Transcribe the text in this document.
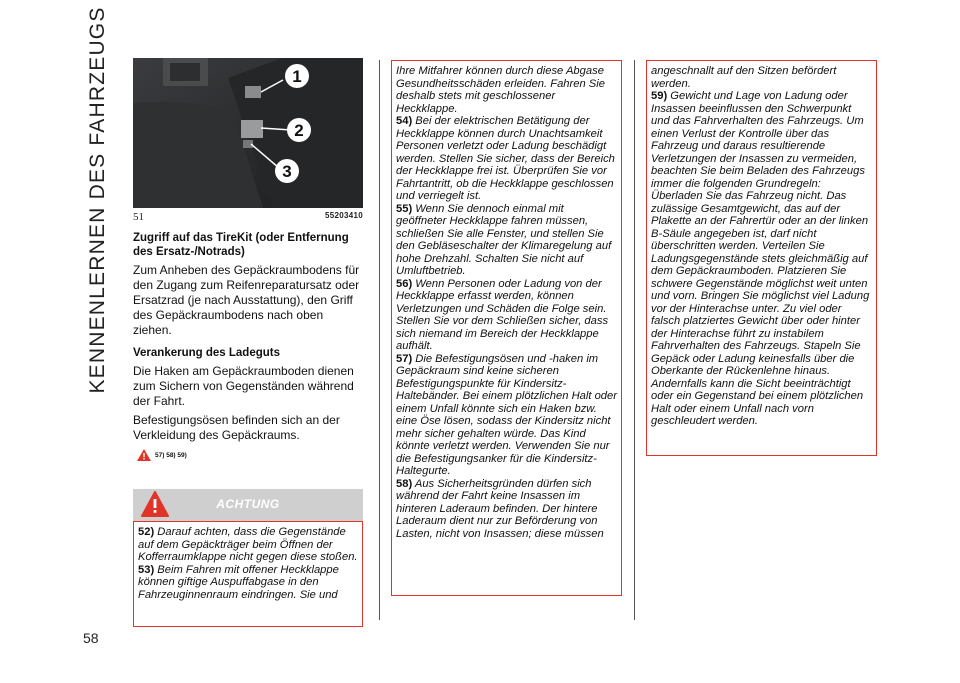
KENNENLERNEN DES FAHRZEUGS
58
1
2
3
51	55203410
Zugriff auf das TireKit (oder Entfernung des Ersatz-/Notrads)

Zum Anheben des Gepäckraumbodens für den Zugang zum Reifenreparatursatz oder Ersatzrad (je nach Ausstattung), den Griff des Gepäckraumbodens nach oben ziehen.

Verankerung des Ladeguts

Die Haken am Gepäckraumboden dienen zum Sichern von Gegenständen während der Fahrt.

Befestigungsösen befinden sich an der Verkleidung des Gepäckraums.

57) 58) 59)
ACHTUNG
52) Darauf achten, dass die Gegenstände auf dem Gepäckträger beim Öffnen der Kofferraumklappe nicht gegen diese stoßen.
53) Beim Fahren mit offener Heckklappe können giftige Auspuffabgase in den Fahrzeuginnenraum eindringen. Sie und
Ihre Mitfahrer können durch diese Abgase Gesundheitsschäden erleiden. Fahren Sie deshalb stets mit geschlossener Heckklappe.
54) Bei der elektrischen Betätigung der Heckklappe können durch Unachtsamkeit Personen verletzt oder Ladung beschädigt werden. Stellen Sie sicher, dass der Bereich der Heckklappe frei ist. Überprüfen Sie vor Fahrtantritt, ob die Heckklappe geschlossen und verriegelt ist.
55) Wenn Sie dennoch einmal mit geöffneter Heckklappe fahren müssen, schließen Sie alle Fenster, und stellen Sie den Gebläseschalter der Klimaregelung auf hohe Drehzahl. Schalten Sie nicht auf Umluftbetrieb.
56) Wenn Personen oder Ladung von der Heckklappe erfasst werden, können Verletzungen und Schäden die Folge sein. Stellen Sie vor dem Schließen sicher, dass sich niemand im Bereich der Heckklappe aufhält.
57) Die Befestigungsösen und -haken im Gepäckraum sind keine sicheren Befestigungspunkte für Kindersitz-Haltebänder. Bei einem plötzlichen Halt oder einem Unfall könnte sich ein Haken bzw. eine Öse lösen, sodass der Kindersitz nicht mehr sicher gehalten würde. Das Kind könnte verletzt werden. Verwenden Sie nur die Befestigungsanker für die Kindersitz-Haltegurte.
58) Aus Sicherheitsgründen dürfen sich während der Fahrt keine Insassen im hinteren Laderaum befinden. Der hintere Laderaum dient nur zur Beförderung von Lasten, nicht von Insassen; diese müssen
angeschnallt auf den Sitzen befördert werden.
59) Gewicht und Lage von Ladung oder Insassen beeinflussen den Schwerpunkt und das Fahrverhalten des Fahrzeugs. Um einen Verlust der Kontrolle über das Fahrzeug und daraus resultierende Verletzungen der Insassen zu vermeiden, beachten Sie beim Beladen des Fahrzeugs immer die folgenden Grundregeln: Überladen Sie das Fahrzeug nicht. Das zulässige Gesamtgewicht, das auf der Plakette an der Fahrertür oder an der linken B-Säule angegeben ist, darf nicht überschritten werden. Verteilen Sie Ladungsgegenstände stets gleichmäßig auf dem Gepäckraumboden. Platzieren Sie schwere Gegenstände möglichst weit unten und vorn. Bringen Sie möglichst viel Ladung vor der Hinterachse unter. Zu viel oder falsch platziertes Gewicht über oder hinter der Hinterachse führt zu instabilem Fahrverhalten des Fahrzeugs. Stapeln Sie Gepäck oder Ladung keinesfalls über die Oberkante der Rückenlehne hinaus. Andernfalls kann die Sicht beeinträchtigt oder ein Gegenstand bei einem plötzlichen Halt oder einem Unfall nach vorn geschleudert werden.
